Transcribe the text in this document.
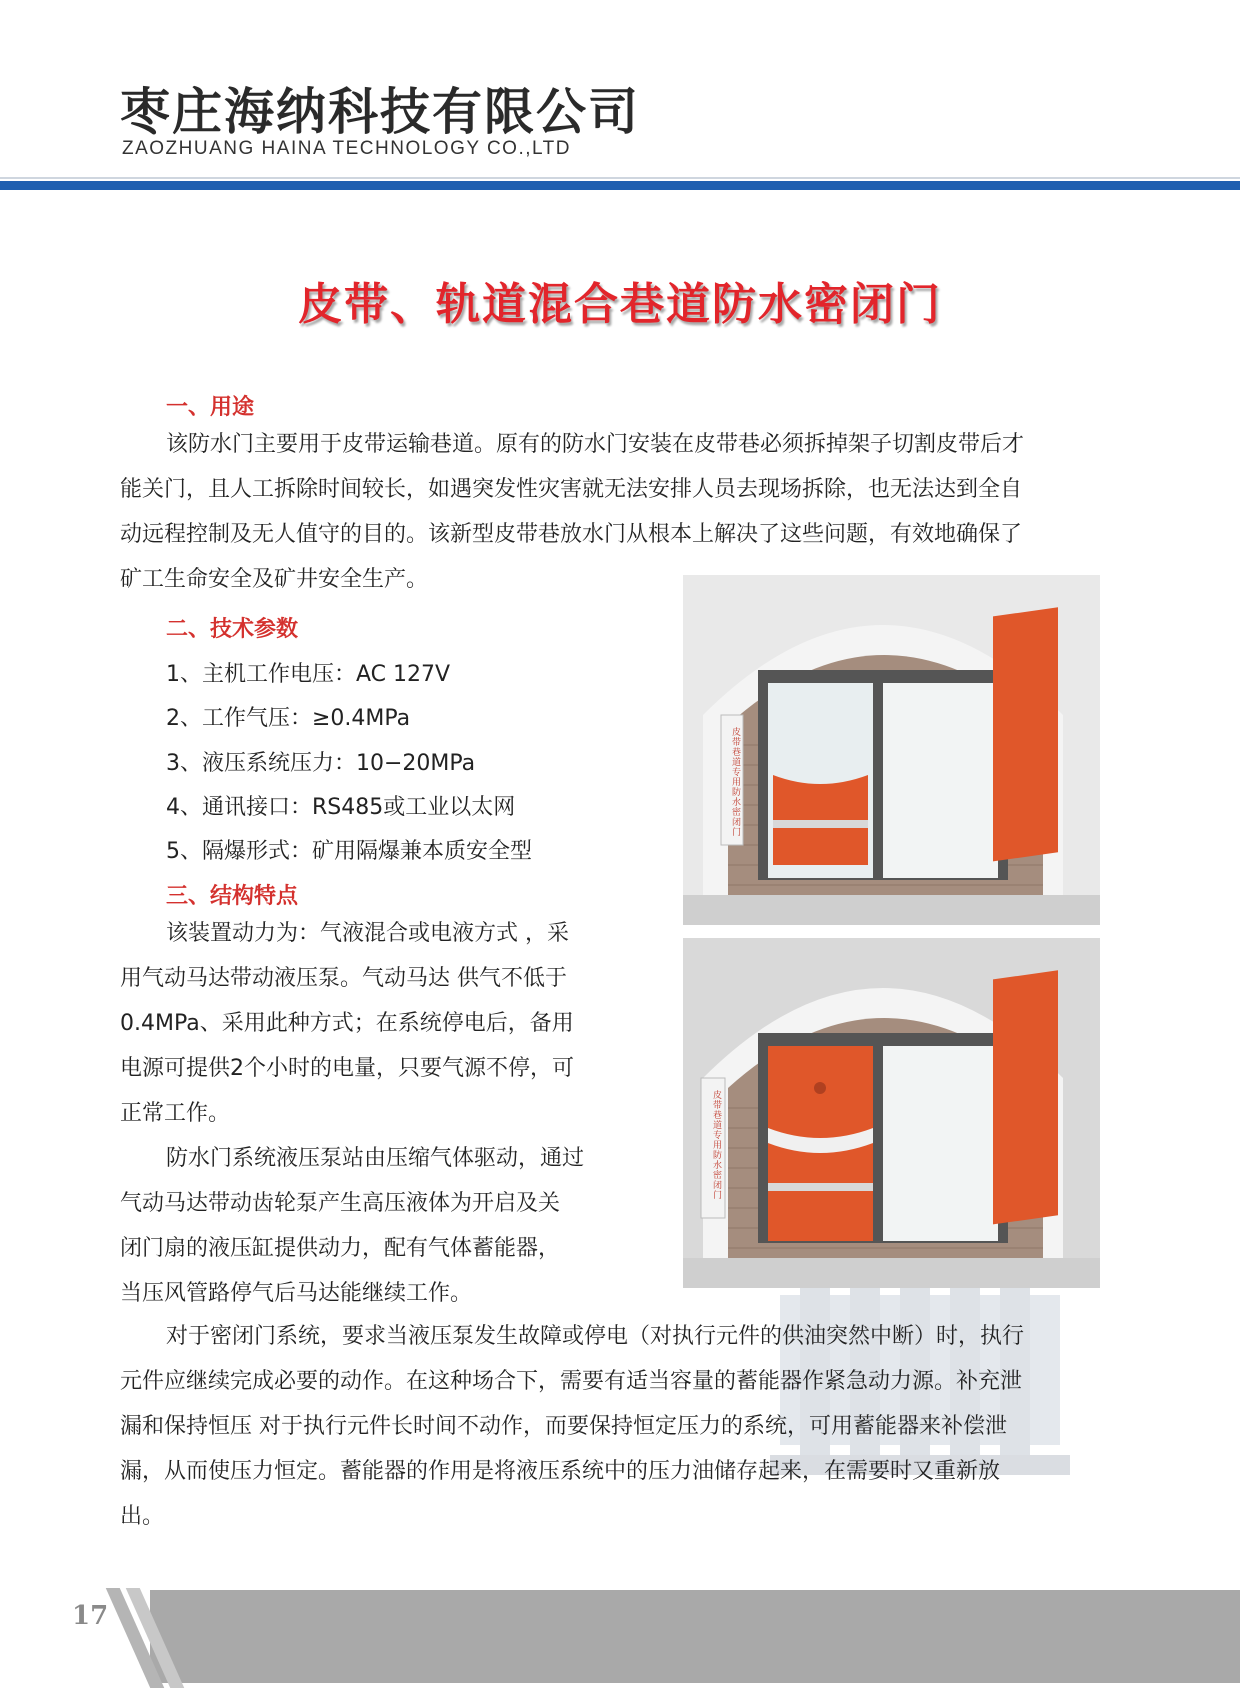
枣庄海纳科技有限公司
ZAOZHUANG HAINA TECHNOLOGY CO.,LTD
皮带、轨道混合巷道防水密闭门
一、用途
该防水门主要用于皮带运输巷道。原有的防水门安装在皮带巷必须拆掉架子切割皮带后才
能关门，且人工拆除时间较长，如遇突发性灾害就无法安排人员去现场拆除，也无法达到全自
动远程控制及无人值守的目的。该新型皮带巷放水门从根本上解决了这些问题，有效地确保了
矿工生命安全及矿井安全生产。
二、技术参数
1、主机工作电压：AC 127V
2、工作气压：≥0.4MPa
3、液压系统压力：10−20MPa
4、通讯接口：RS485或工业以太网
5、隔爆形式：矿用隔爆兼本质安全型
三、结构特点
该装置动力为：气液混合或电液方式 ，采
用气动马达带动液压泵。气动马达 供气不低于
0.4MPa、采用此种方式；在系统停电后，备用
电源可提供2个小时的电量，只要气源不停，可
正常工作。
防水门系统液压泵站由压缩气体驱动，通过
气动马达带动齿轮泵产生高压液体为开启及关
闭门扇的液压缸提供动力，配有气体蓄能器，
当压风管路停气后马达能继续工作。
对于密闭门系统，要求当液压泵发生故障或停电（对执行元件的供油突然中断）时，执行
元件应继续完成必要的动作。在这种场合下，需要有适当容量的蓄能器作紧急动力源。补充泄
漏和保持恒压 对于执行元件长时间不动作，而要保持恒定压力的系统，可用蓄能器来补偿泄
漏，从而使压力恒定。蓄能器的作用是将液压系统中的压力油储存起来，在需要时又重新放
出。
皮带巷道专用防水密闭门
皮带巷道专用防水密闭门
17
